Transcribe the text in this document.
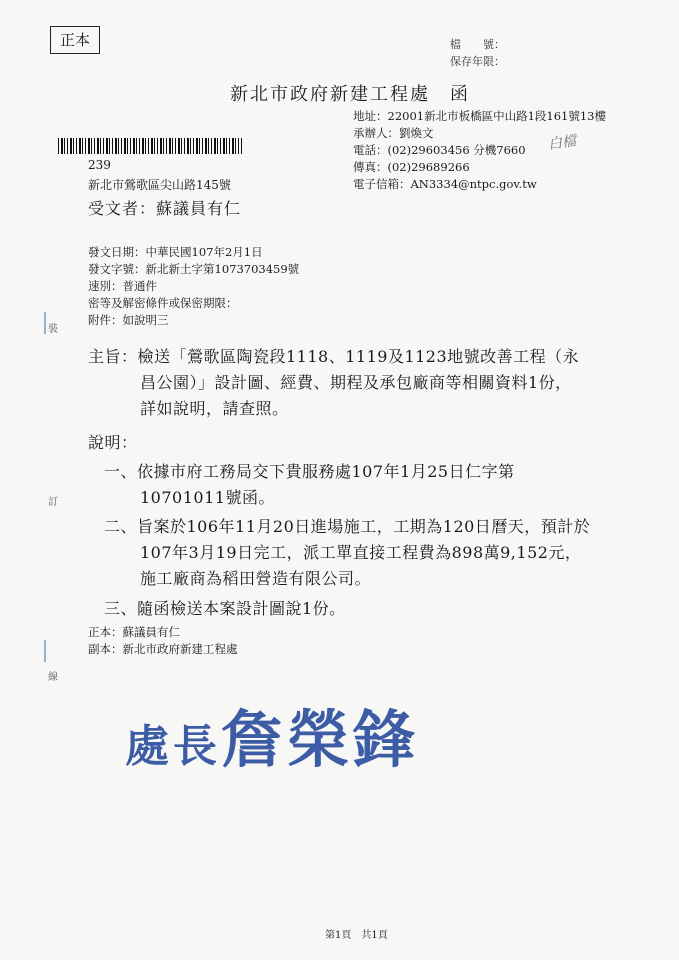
正本	檔　　號：
保存年限：
新北市政府新建工程處　函
地址：22001新北市板橋區中山路1段161號13樓
承辦人：劉煥文
電話：(02)29603456 分機7660
傳真：(02)29689266
電子信箱：AN3334@ntpc.gov.tw
白檔
239
新北市鶯歌區尖山路145號
受文者：蘇議員有仁
發文日期：中華民國107年2月1日
發文字號：新北新土字第1073703459號
速別：普通件
密等及解密條件或保密期限：
附件：如說明三
裝
訂
線
主旨：檢送「鶯歌區陶瓷段1118、1119及1123地號改善工程（永
昌公園）」設計圖、經費、期程及承包廠商等相關資料1份，
詳如說明，請查照。
說明：
一、依據市府工務局交下貴服務處107年1月25日仁字第
10701011號函。
二、旨案於106年11月20日進場施工，工期為120日曆天，預計於
107年3月19日完工，派工單直接工程費為898萬9,152元，
施工廠商為稻田營造有限公司。
三、隨函檢送本案設計圖說1份。
正本：蘇議員有仁
副本：新北市政府新建工程處
處長詹榮鋒
第1頁　共1頁
